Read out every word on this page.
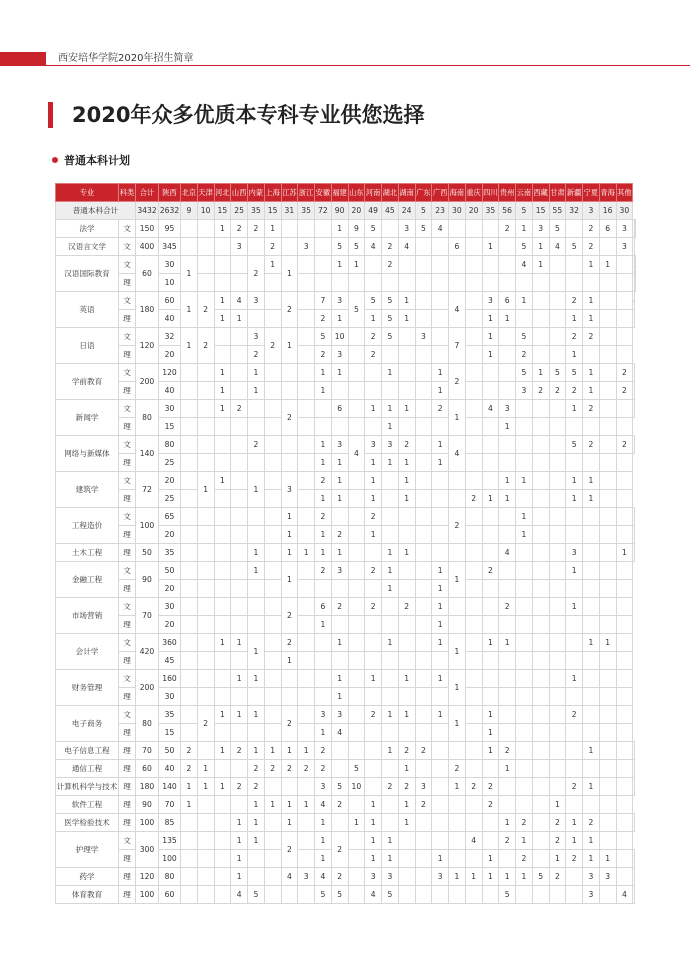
西安培华学院2020年招生简章
2020年众多优质本专科专业供您选择
普通本科计划
专业	科类	合计	陕西	北京	天津	河北	山西	内蒙	上海	江苏	浙江	安徽	福建	山东	河南	湖北	湖南	广东	广西	海南	重庆	四川	贵州	云南	西藏	甘肃	新疆	宁夏	青海	其他		
普通本科合计		3432	2632	9	10	15	25	35	15	31	35	72	90	20	49	45	24	5	23	30	20	35	56	5	15	55	32	3	16	30		
法学	文	150	95			1	2	2	1				1	9	5		3	5	4				2	1	3	5		2	6	3		
汉语言文学	文	400	345				3		2		3		5	5	4	2	4			6		1		5	1	4	5	2		3		
汉语国际教育	文	60	30	1				2	1	1			1	1		2								4	1			1	1			
	理		10																													
英语	文	180	60	1	2	1	4	3		2		7	3	5	5	5	1			4		3	6	1			2	1			
	理		40			1	1					2	1		1	5	1					1	1				1	1				
日语	文	120	32	1	2			3	2	1		5	10		2	5		3		7		1		5			2	2				
	理		20					2				2	3		2							1		2			1					
学前教育	文	200	120			1		1				1	1			1			1	2				5	1	5	5	1		2		
	理		40			1		1				1							1					3	2	2	2	1		2		
新闻学	文	80	30			1	2			2			6		1	1	1		2	1		4	3				1	2			
	理		15													1							1									
网络与新媒体	文	140	80					2				1	3	4	3	3	2		1	4							5	2		2		
	理		25									1	1		1	1	1		1													
建筑学	文	72	20		1	1		1		3		2	1		1		1						1	1			1	1				
	理		25									1	1		1		1				2	1	1				1	1				
工程造价	文	100	65							1		2			2					2				1								
	理		20							1		1	2		1									1								
土木工程	理	50	35					1		1	1	1	1			1	1						4				3			1		
金融工程	文	90	50					1		1		2	3		2	1			1	1		2					1					
	理		20													1			1													
市场营销	文	70	30							2		6	2		2		2		1				2				1					
	理		20									1							1													
会计学	文	420	360			1	1	1		2			1			1			1	1		1	1					1	1			
	理		45							1																						
财务管理	文	200	160				1	1					1		1		1		1	1							1					
	理		30										1																			
电子商务	文	80	35		2	1	1	1		2		3	3		2	1	1		1	1		1					2					
	理		15									1	4									1										
电子信息工程	理	70	50	2		1	2	1	1	1	1	2				1	2	2				1	2					1				
通信工程	理	60	40	2	1			2	2	2	2	2		5			1			2			1									
计算机科学与技术	理	180	140	1	1	1	2	2				3	5	10		2	2	3		1	2	2					2	1				
软件工程	理	90	70	1				1	1	1	1	4	2		1		1	2				2				1						
医学检验技术	理	100	85				1	1		1		1		1	1		1						1	2		2	1	2				
护理学	文	300	135				1	1		2		1	2		1	1					4		2	1		2	1	1				
	理		100				1					1			1	1			1			1		2		1	2	1	1		
药学	理	120	80				1			4	3	4	2		3	3			3	1	1	1	1	1	5	2		3	3		
体育教育	理	100	60				4	5				5	5		4	5							5					3		4		
